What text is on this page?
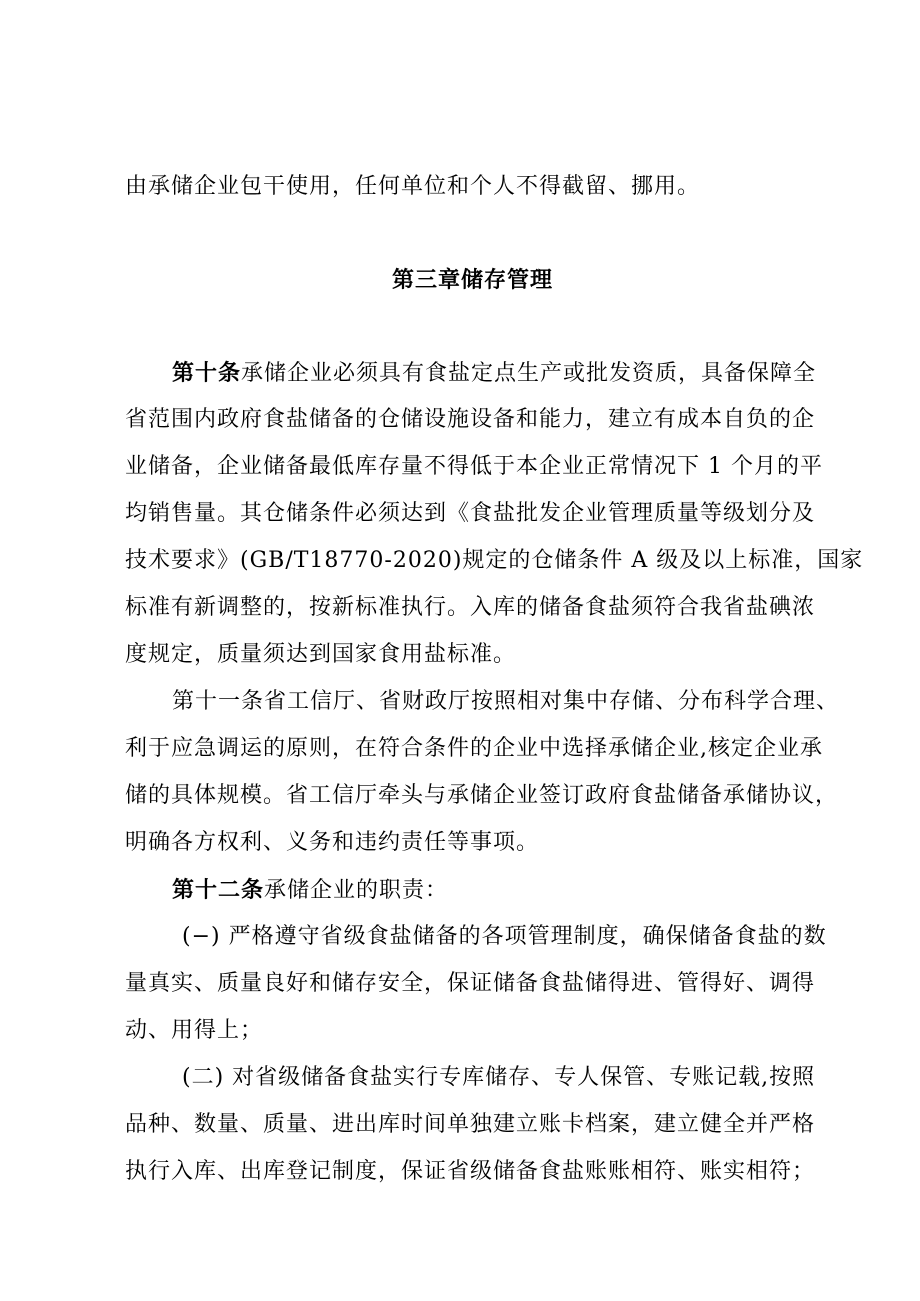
由承储企业包干使用，任何单位和个人不得截留、挪用。
第三章储存管理
第十条承储企业必须具有食盐定点生产或批发资质，具备保障全
省范围内政府食盐储备的仓储设施设备和能力，建立有成本自负的企
业储备，企业储备最低库存量不得低于本企业正常情况下 1 个月的平
均销售量。其仓储条件必须达到《食盐批发企业管理质量等级划分及
技术要求》(GB/T18770-2020)规定的仓储条件 A 级及以上标准，国家
标准有新调整的，按新标准执行。入库的储备食盐须符合我省盐碘浓
度规定，质量须达到国家食用盐标准。
第十一条省工信厅、省财政厅按照相对集中存储、分布科学合理、
利于应急调运的原则，在符合条件的企业中选择承储企业,核定企业承
储的具体规模。省工信厅牵头与承储企业签订政府食盐储备承储协议，
明确各方权利、义务和违约责任等事项。
第十二条承储企业的职责：
(−) 严格遵守省级食盐储备的各项管理制度，确保储备食盐的数
量真实、质量良好和储存安全，保证储备食盐储得进、管得好、调得
动、用得上；
(二) 对省级储备食盐实行专库储存、专人保管、专账记载,按照
品种、数量、质量、进出库时间单独建立账卡档案，建立健全并严格
执行入库、出库登记制度，保证省级储备食盐账账相符、账实相符；
